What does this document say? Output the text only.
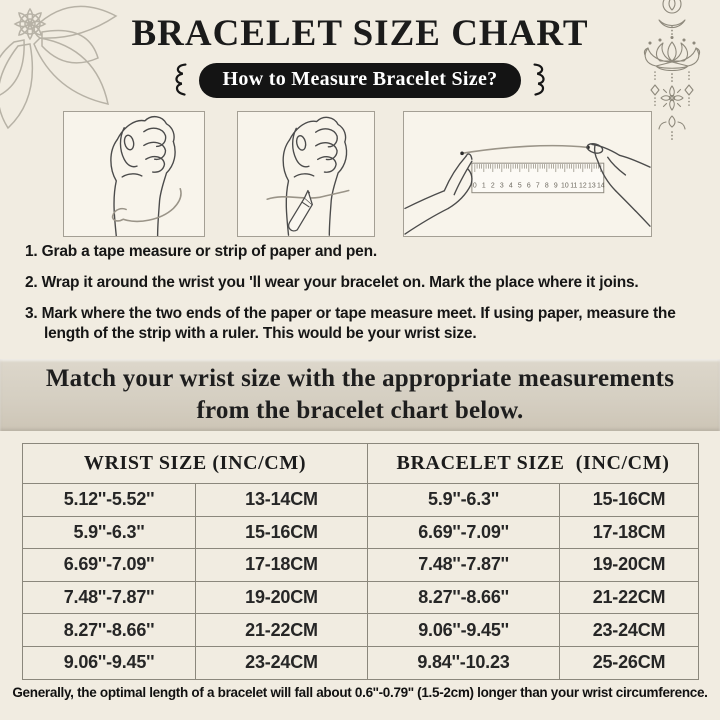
BRACELET SIZE CHART
How to Measure Bracelet Size?
0 1 2 3 4 5 6 7 8 9 10 11 12 13 14
1. Grab a tape measure or strip of paper and pen.
2. Wrap it around the wrist you 'll wear your bracelet on. Mark the place where it joins.
3. Mark where the two ends of the paper or tape measure meet. If using paper, measure the length of the strip with a ruler. This would be your wrist size.
Match your wrist size with the appropriate measurements
from the bracelet chart below.
WRIST SIZE (INC/CM)		BRACELET SIZE  (INC/CM)	
5.12''-5.52''	13-14CM	5.9''-6.3''	15-16CM
5.9''-6.3''	15-16CM	6.69''-7.09''	17-18CM
6.69''-7.09''	17-18CM	7.48''-7.87''	19-20CM
7.48''-7.87''	19-20CM	8.27''-8.66''	21-22CM
8.27''-8.66''	21-22CM	9.06''-9.45''	23-24CM
9.06''-9.45''	23-24CM	9.84''-10.23	25-26CM
Generally, the optimal length of a bracelet will fall about 0.6''-0.79'' (1.5-2cm) longer than your wrist circumference.
